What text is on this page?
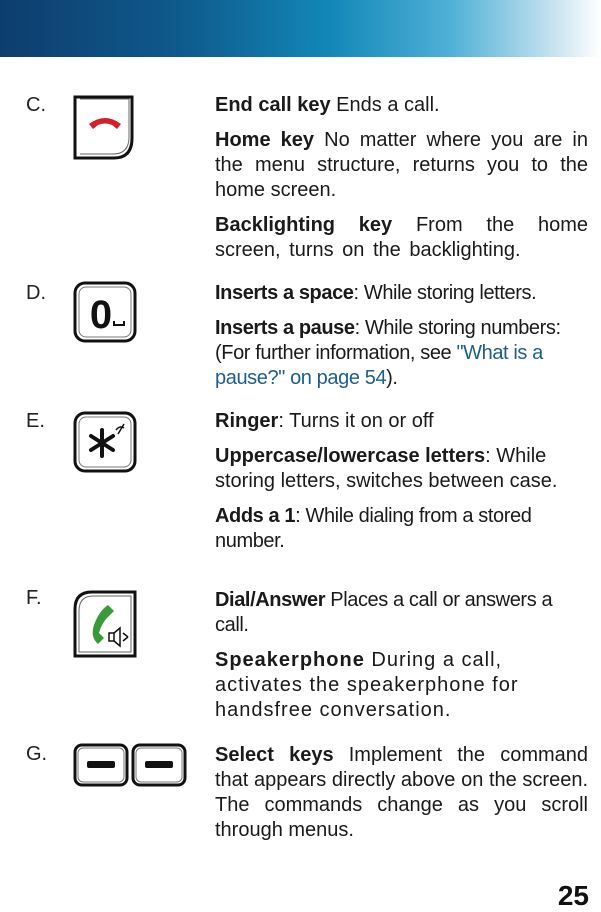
C.	End call key Ends a call.

Home key No matter where you are in the menu structure, returns you to the home screen.

Backlighting key From the home screen, turns on the backlighting.

D. 0	Inserts a space: While storing letters.

Inserts a pause: While storing numbers: (For further information, see "What is a pause?" on page 54).

E.	Ringer: Turns it on or off

Uppercase/lowercase letters: While storing letters, switches between case.

Adds a 1: While dialing from a stored number.

F.	Dial/Answer Places a call or answers a call.

Speakerphone During a call, activates the speakerphone for handsfree conversation.

G.	Select keys Implement the command that appears directly above on the screen. The commands change as you scroll through menus.

25
